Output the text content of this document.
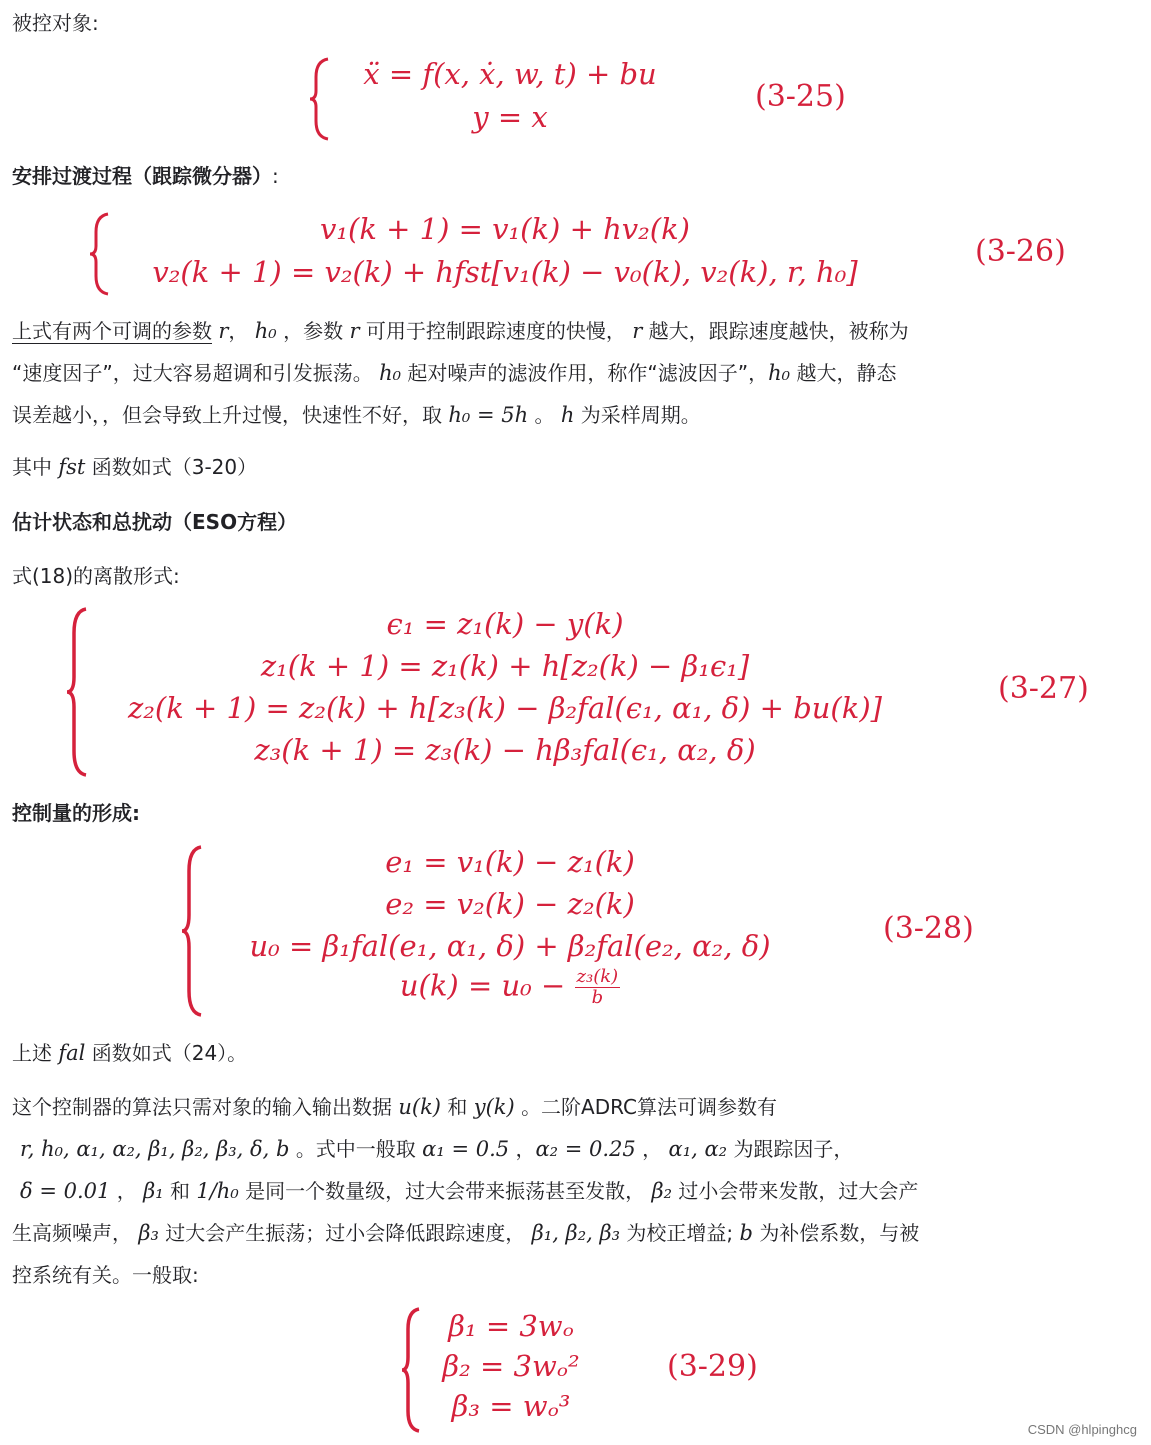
被控对象:
ẍ = f(x, ẋ, w, t) + bu
y = x
(3-25)
安排过渡过程（跟踪微分器）:
v₁(k + 1) = v₁(k) + hv₂(k)
v₂(k + 1) = v₂(k) + hfst[v₁(k) − v₀(k), v₂(k), r, h₀]
(3-26)
上式有两个可调的参数 r， h₀ ，参数 r 可用于控制跟踪速度的快慢， r 越大，跟踪速度越快，被称为
“速度因子”，过大容易超调和引发振荡。 h₀ 起对噪声的滤波作用，称作“滤波因子”，h₀ 越大，静态
误差越小，，但会导致上升过慢，快速性不好，取 h₀ = 5h 。 h 为采样周期。
其中 fst 函数如式（3-20）
估计状态和总扰动（ESO方程）
式(18)的离散形式:
ϵ₁ = z₁(k) − y(k)
z₁(k + 1) = z₁(k) + h[z₂(k) − β₁ϵ₁]
z₂(k + 1) = z₂(k) + h[z₃(k) − β₂fal(ϵ₁, α₁, δ) + bu(k)]
z₃(k + 1) = z₃(k) − hβ₃fal(ϵ₁, α₂, δ)
(3-27)
控制量的形成:
e₁ = v₁(k) − z₁(k)
e₂ = v₂(k) − z₂(k)
u₀ = β₁fal(e₁, α₁, δ) + β₂fal(e₂, α₂, δ)
$u(k) = u_0 - \frac{\text{z₃(k)}}{b}$
(3-28)
上述 fal 函数如式（24）。
这个控制器的算法只需对象的输入输出数据 u(k) 和 y(k) 。二阶ADRC算法可调参数有
r, h₀, α₁, α₂, β₁, β₂, β₃, δ, b 。式中一般取 α₁ = 0.5 ，α₂ = 0.25 ， α₁, α₂ 为跟踪因子，
δ = 0.01 ， β₁ 和 1/h₀ 是同一个数量级，过大会带来振荡甚至发散， β₂ 过小会带来发散，过大会产
生高频噪声， β₃ 过大会产生振荡；过小会降低跟踪速度， β₁, β₂, β₃ 为校正增益; b 为补偿系数，与被
控系统有关。一般取:
β₁ = 3wₒ
β₂ = 3wₒ²
β₃ = wₒ³
(3-29)
CSDN @hlpinghcg
